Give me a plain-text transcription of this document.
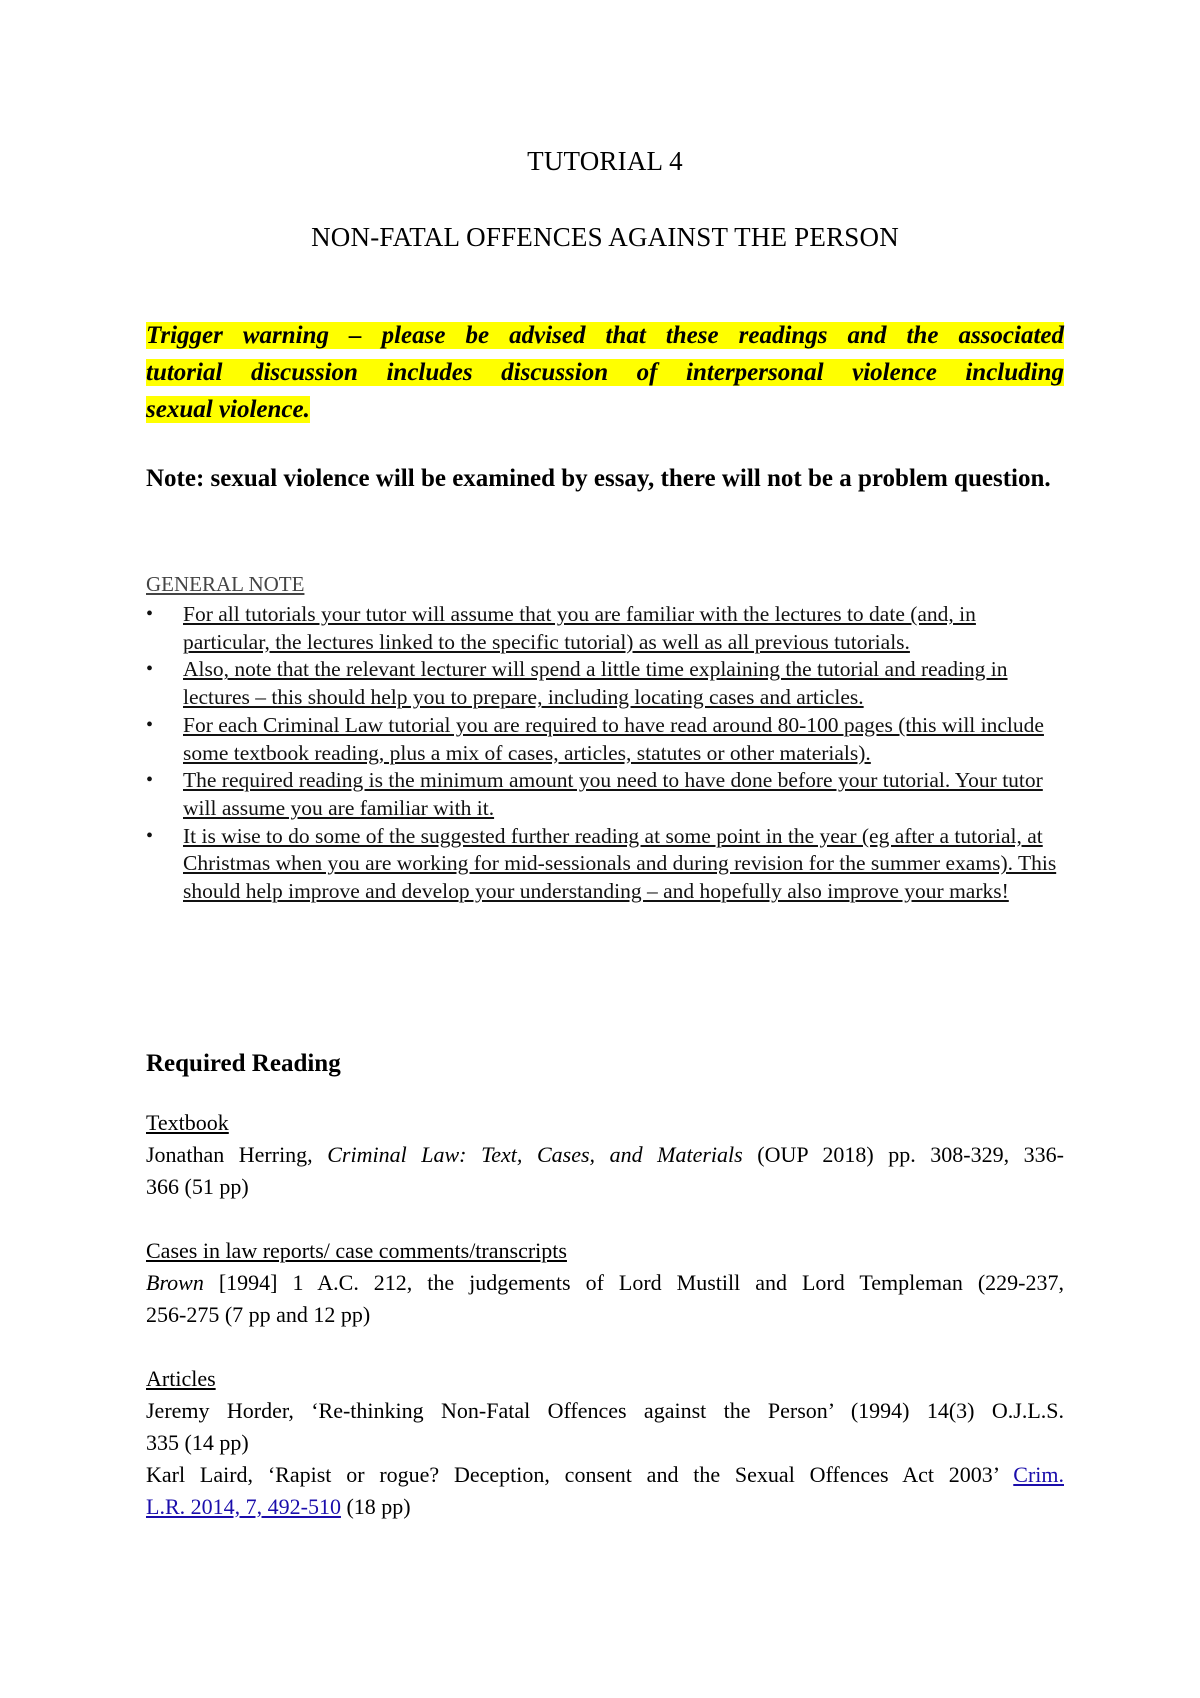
TUTORIAL 4
NON-FATAL OFFENCES AGAINST THE PERSON
Trigger warning – please be advised that these readings and the associated
tutorial discussion includes discussion of interpersonal violence including
sexual violence.

Note: sexual violence will be examined by essay, there will not be a problem question.

GENERAL NOTE

• For all tutorials your tutor will assume that you are familiar with the lectures to date (and, in particular, the lectures linked to the specific tutorial) as well as all previous tutorials.
• Also, note that the relevant lecturer will spend a little time explaining the tutorial and reading in lectures – this should help you to prepare, including locating cases and articles.
• For each Criminal Law tutorial you are required to have read around 80-100 pages (this will include some textbook reading, plus a mix of cases, articles, statutes or other materials).
• The required reading is the minimum amount you need to have done before your tutorial. Your tutor will assume you are familiar with it.
• It is wise to do some of the suggested further reading at some point in the year (eg after a tutorial, at Christmas when you are working for mid-sessionals and during revision for the summer exams). This should help improve and develop your understanding – and hopefully also improve your marks!
Required Reading
Textbook
Jonathan Herring, Criminal Law: Text, Cases, and Materials (OUP 2018) pp. 308-329, 336-
366 (51 pp)
Cases in law reports/ case comments/transcripts
Brown [1994] 1 A.C. 212, the judgements of Lord Mustill and Lord Templeman (229-237,
256-275 (7 pp and 12 pp)
Articles
Jeremy Horder, ‘Re-thinking Non-Fatal Offences against the Person’ (1994) 14(3) O.J.L.S.
335 (14 pp)
Karl Laird, ‘Rapist or rogue? Deception, consent and the Sexual Offences Act 2003’ Crim.
L.R. 2014, 7, 492-510 (18 pp)
